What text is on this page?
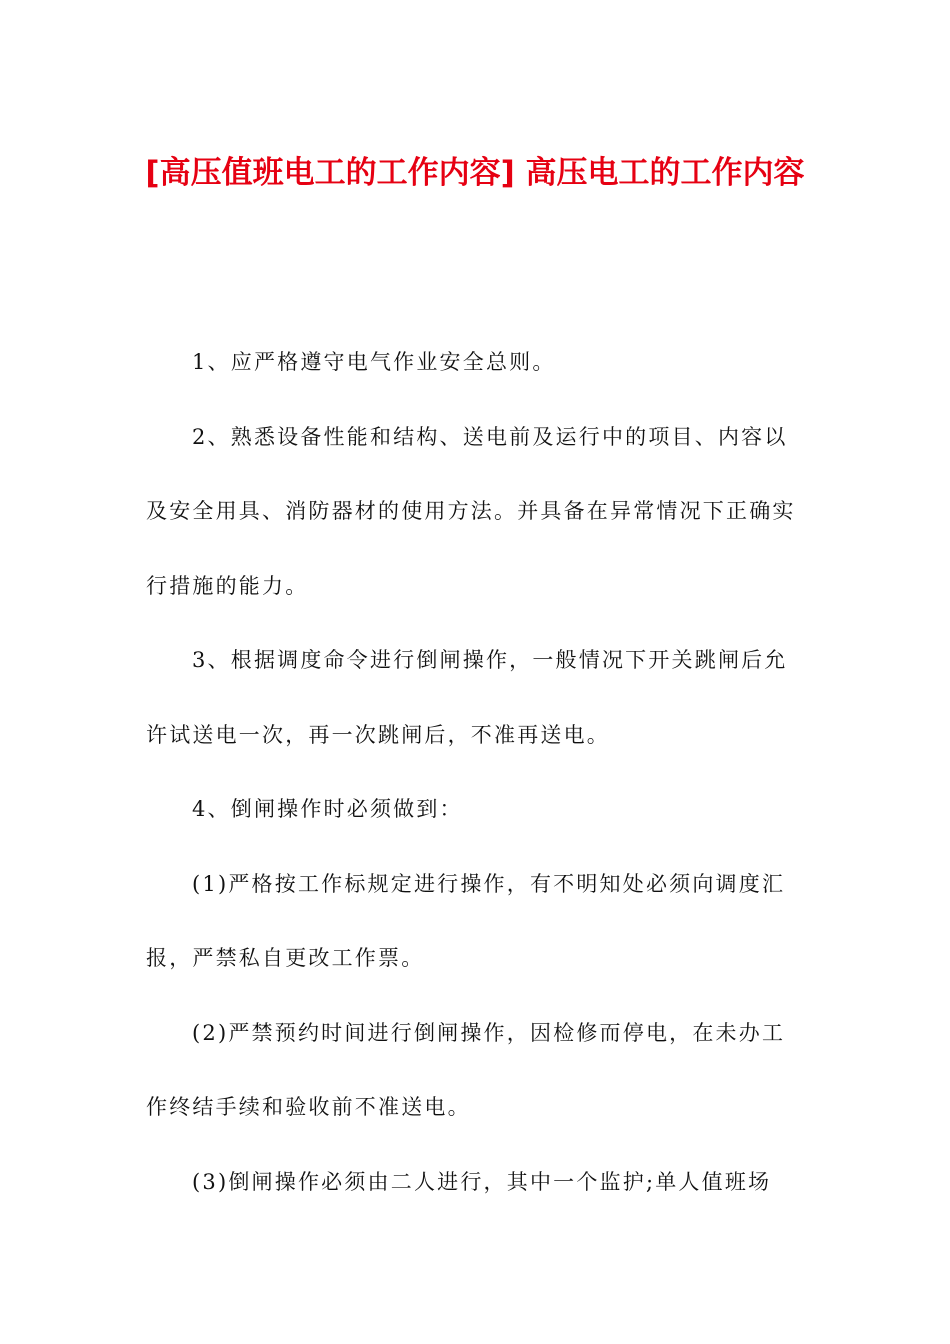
[高压值班电工的工作内容] 高压电工的工作内容

1、应严格遵守电气作业安全总则。

2、熟悉设备性能和结构、送电前及运行中的项目、内容以及安全用具、消防器材的使用方法。并具备在异常情况下正确实行措施的能力。

3、根据调度命令进行倒闸操作，一般情况下开关跳闸后允许试送电一次，再一次跳闸后，不准再送电。

4、倒闸操作时必须做到：

(1)严格按工作标规定进行操作，有不明知处必须向调度汇报，严禁私自更改工作票。

(2)严禁预约时间进行倒闸操作，因检修而停电，在未办工作终结手续和验收前不准送电。

(3)倒闸操作必须由二人进行，其中一个监护;单人值班场
